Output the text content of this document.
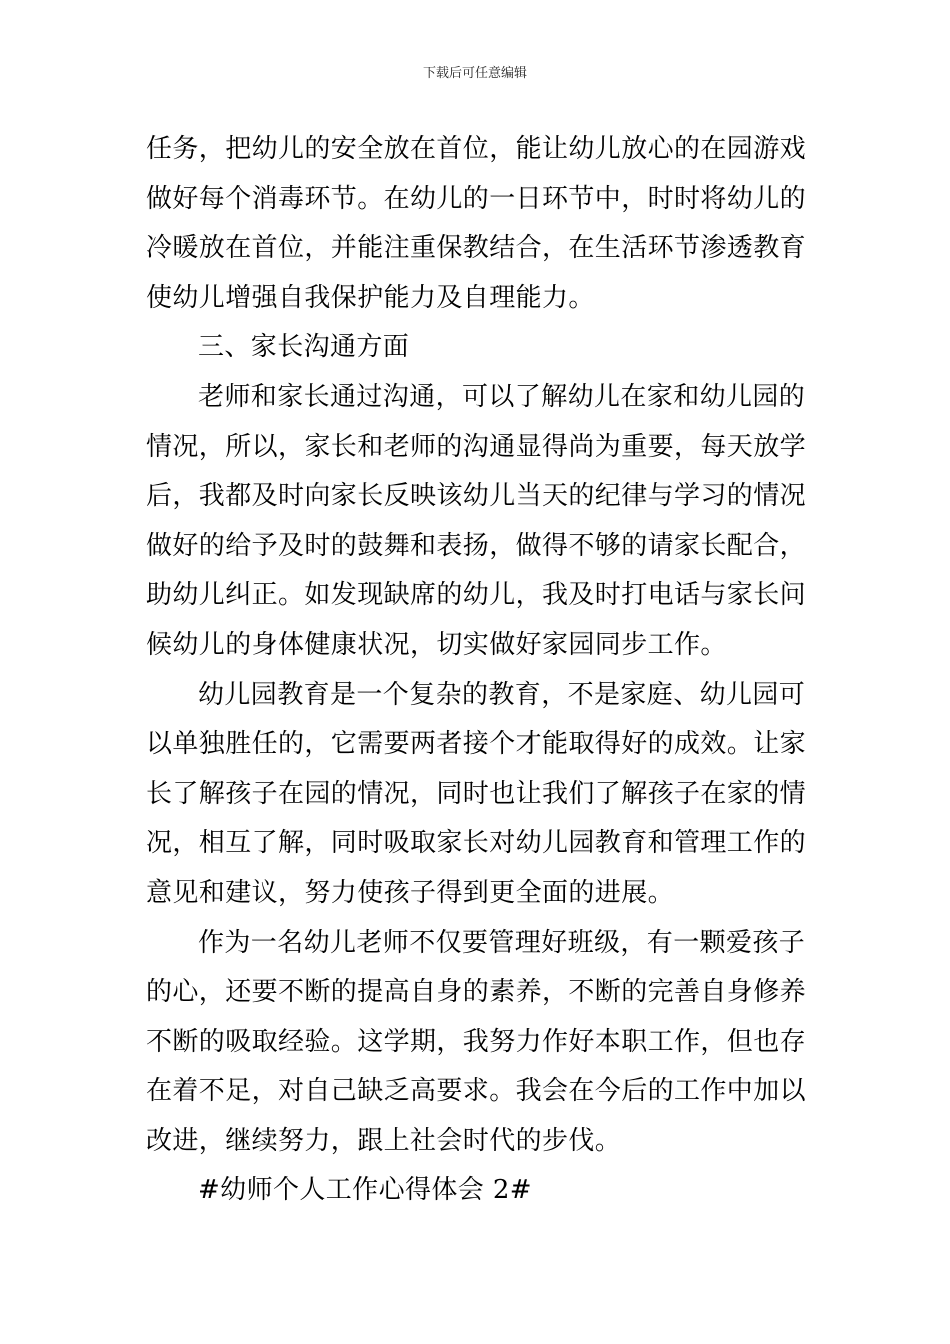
下载后可任意编辑
任务，把幼儿的安全放在首位，能让幼儿放心的在园游戏
做好每个消毒环节。在幼儿的一日环节中，时时将幼儿的
冷暖放在首位，并能注重保教结合，在生活环节渗透教育
使幼儿增强自我保护能力及自理能力。
三、家长沟通方面
老师和家长通过沟通，可以了解幼儿在家和幼儿园的
情况，所以，家长和老师的沟通显得尚为重要，每天放学
后，我都及时向家长反映该幼儿当天的纪律与学习的情况
做好的给予及时的鼓舞和表扬，做得不够的请家长配合，
助幼儿纠正。如发现缺席的幼儿，我及时打电话与家长问
候幼儿的身体健康状况，切实做好家园同步工作。
幼儿园教育是一个复杂的教育，不是家庭、幼儿园可
以单独胜任的，它需要两者接个才能取得好的成效。让家
长了解孩子在园的情况，同时也让我们了解孩子在家的情
况，相互了解，同时吸取家长对幼儿园教育和管理工作的
意见和建议，努力使孩子得到更全面的进展。
作为一名幼儿老师不仅要管理好班级，有一颗爱孩子
的心，还要不断的提高自身的素养，不断的完善自身修养
不断的吸取经验。这学期，我努力作好本职工作，但也存
在着不足，对自己缺乏高要求。我会在今后的工作中加以
改进，继续努力，跟上社会时代的步伐。
#幼师个人工作心得体会 2#
